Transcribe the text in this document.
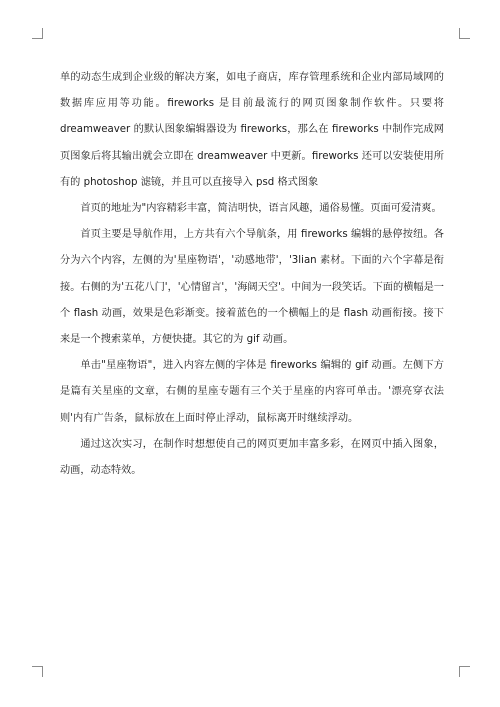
单的动态生成到企业级的解决方案，如电子商店，库存管理系统和企业内部局域网的数据库应用等功能。fireworks 是目前最流行的网页图象制作软件。只要将 dreamweaver 的默认图象编辑器设为 fireworks，那么在 fireworks 中制作完成网页图象后将其输出就会立即在 dreamweaver 中更新。fireworks 还可以安装使用所有的 photoshop 滤镜，并且可以直接导入 psd 格式图象

首页的地址为"内容精彩丰富，简洁明快，语言风趣，通俗易懂。页面可爱清爽。

首页主要是导航作用，上方共有六个导航条，用 fireworks 编辑的悬停按纽。各分为六个内容，左侧的为'星座物语'，'动感地带'，'3lian 素材。下面的六个字幕是衔接。右侧的为'五花八门'，'心情留言'，'海阔天空'。中间为一段笑话。下面的横幅是一个 flash 动画，效果是色彩渐变。接着蓝色的一个横幅上的是 flash 动画衔接。接下来是一个搜索菜单，方便快捷。其它的为 gif 动画。

单击"星座物语"，进入内容左侧的字体是 fireworks 编辑的 gif 动画。左侧下方是篇有关星座的文章，右侧的星座专题有三个关于星座的内容可单击。'漂亮穿衣法则'内有广告条，鼠标放在上面时停止浮动，鼠标离开时继续浮动。

通过这次实习，在制作时想想使自己的网页更加丰富多彩，在网页中插入图象，动画，动态特效。
